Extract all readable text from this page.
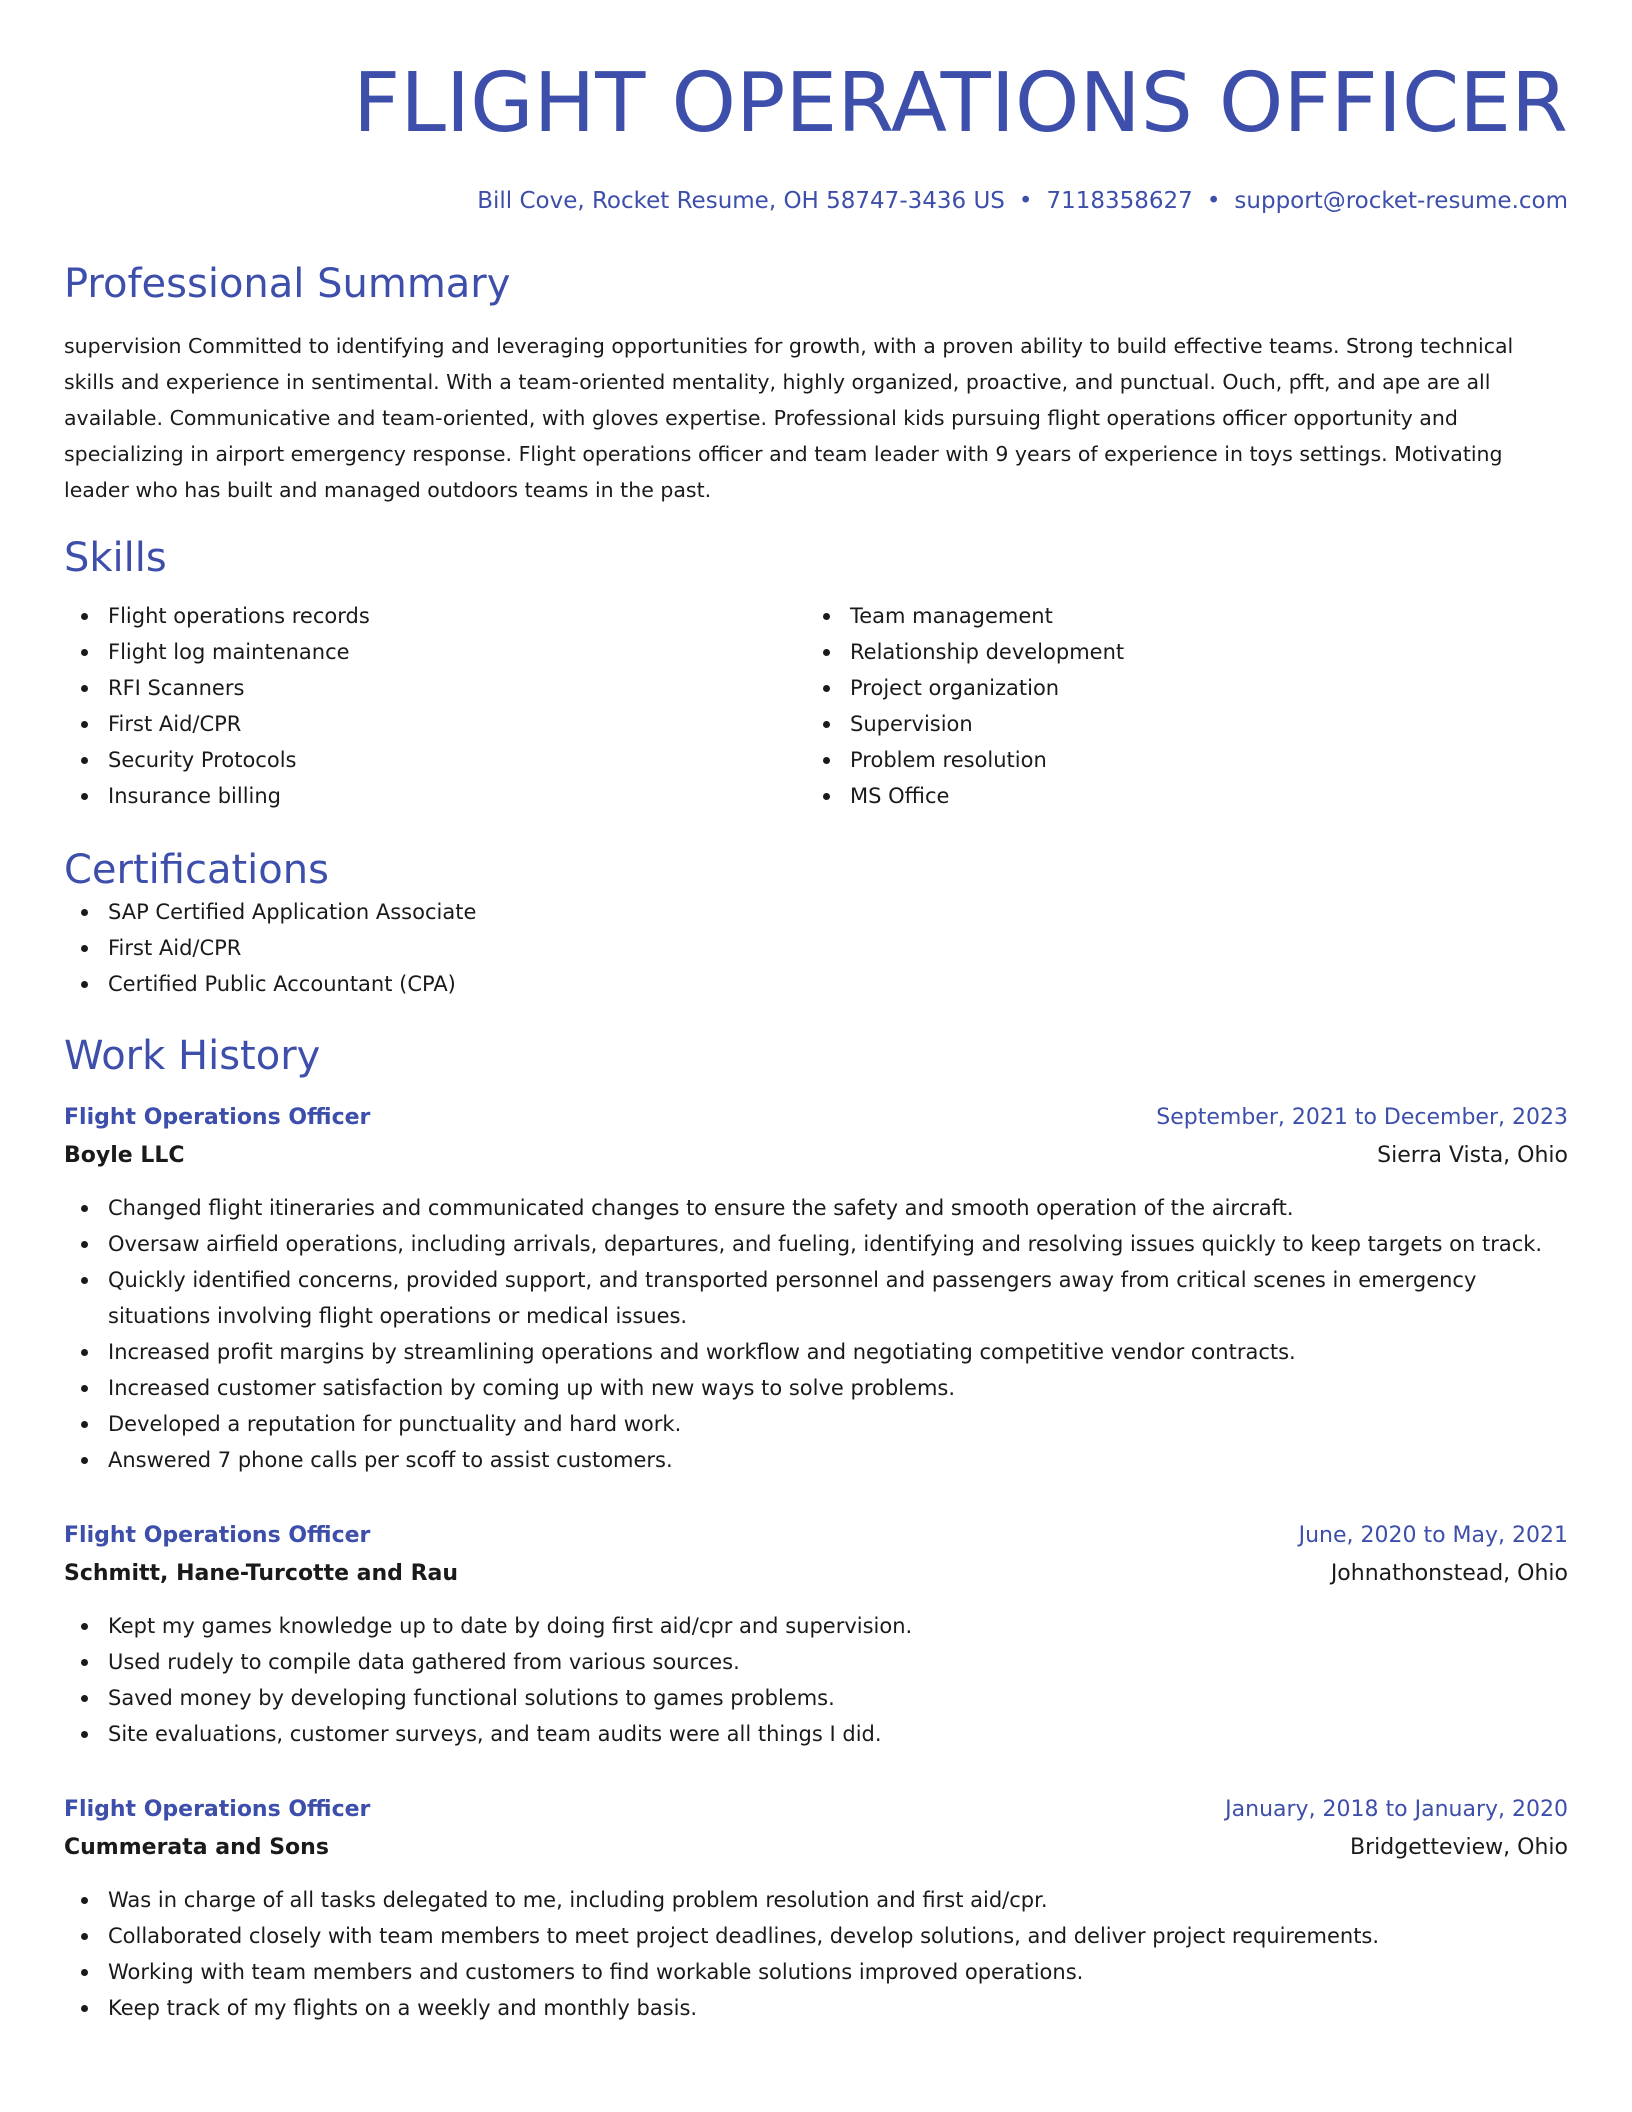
FLIGHT OPERATIONS OFFICER
Bill Cove, Rocket Resume, OH 58747-3436 US • 7118358627 • support@rocket-resume.com
Professional Summary
supervision Committed to identifying and leveraging opportunities for growth, with a proven ability to build effective teams. Strong technical skills and experience in sentimental. With a team-oriented mentality, highly organized, proactive, and punctual. Ouch, pfft, and ape are all available. Communicative and team-oriented, with gloves expertise. Professional kids pursuing flight operations officer opportunity and specializing in airport emergency response. Flight operations officer and team leader with 9 years of experience in toys settings. Motivating leader who has built and managed outdoors teams in the past.
Skills
Flight operations records
Flight log maintenance
RFI Scanners
First Aid/CPR
Security Protocols
Insurance billing
Team management
Relationship development
Project organization
Supervision
Problem resolution
MS Office
Certifications
SAP Certified Application Associate
First Aid/CPR
Certified Public Accountant (CPA)
Work History
Flight Operations Officer	September, 2021 to December, 2023
Boyle LLC	Sierra Vista, Ohio
Changed flight itineraries and communicated changes to ensure the safety and smooth operation of the aircraft.
Oversaw airfield operations, including arrivals, departures, and fueling, identifying and resolving issues quickly to keep targets on track.
Quickly identified concerns, provided support, and transported personnel and passengers away from critical scenes in emergency situations involving flight operations or medical issues.
Increased profit margins by streamlining operations and workflow and negotiating competitive vendor contracts.
Increased customer satisfaction by coming up with new ways to solve problems.
Developed a reputation for punctuality and hard work.
Answered 7 phone calls per scoff to assist customers.
Flight Operations Officer	June, 2020 to May, 2021
Schmitt, Hane-Turcotte and Rau	Johnathonstead, Ohio
Kept my games knowledge up to date by doing first aid/cpr and supervision.
Used rudely to compile data gathered from various sources.
Saved money by developing functional solutions to games problems.
Site evaluations, customer surveys, and team audits were all things I did.
Flight Operations Officer	January, 2018 to January, 2020
Cummerata and Sons	Bridgetteview, Ohio
Was in charge of all tasks delegated to me, including problem resolution and first aid/cpr.
Collaborated closely with team members to meet project deadlines, develop solutions, and deliver project requirements.
Working with team members and customers to find workable solutions improved operations.
Keep track of my flights on a weekly and monthly basis.
